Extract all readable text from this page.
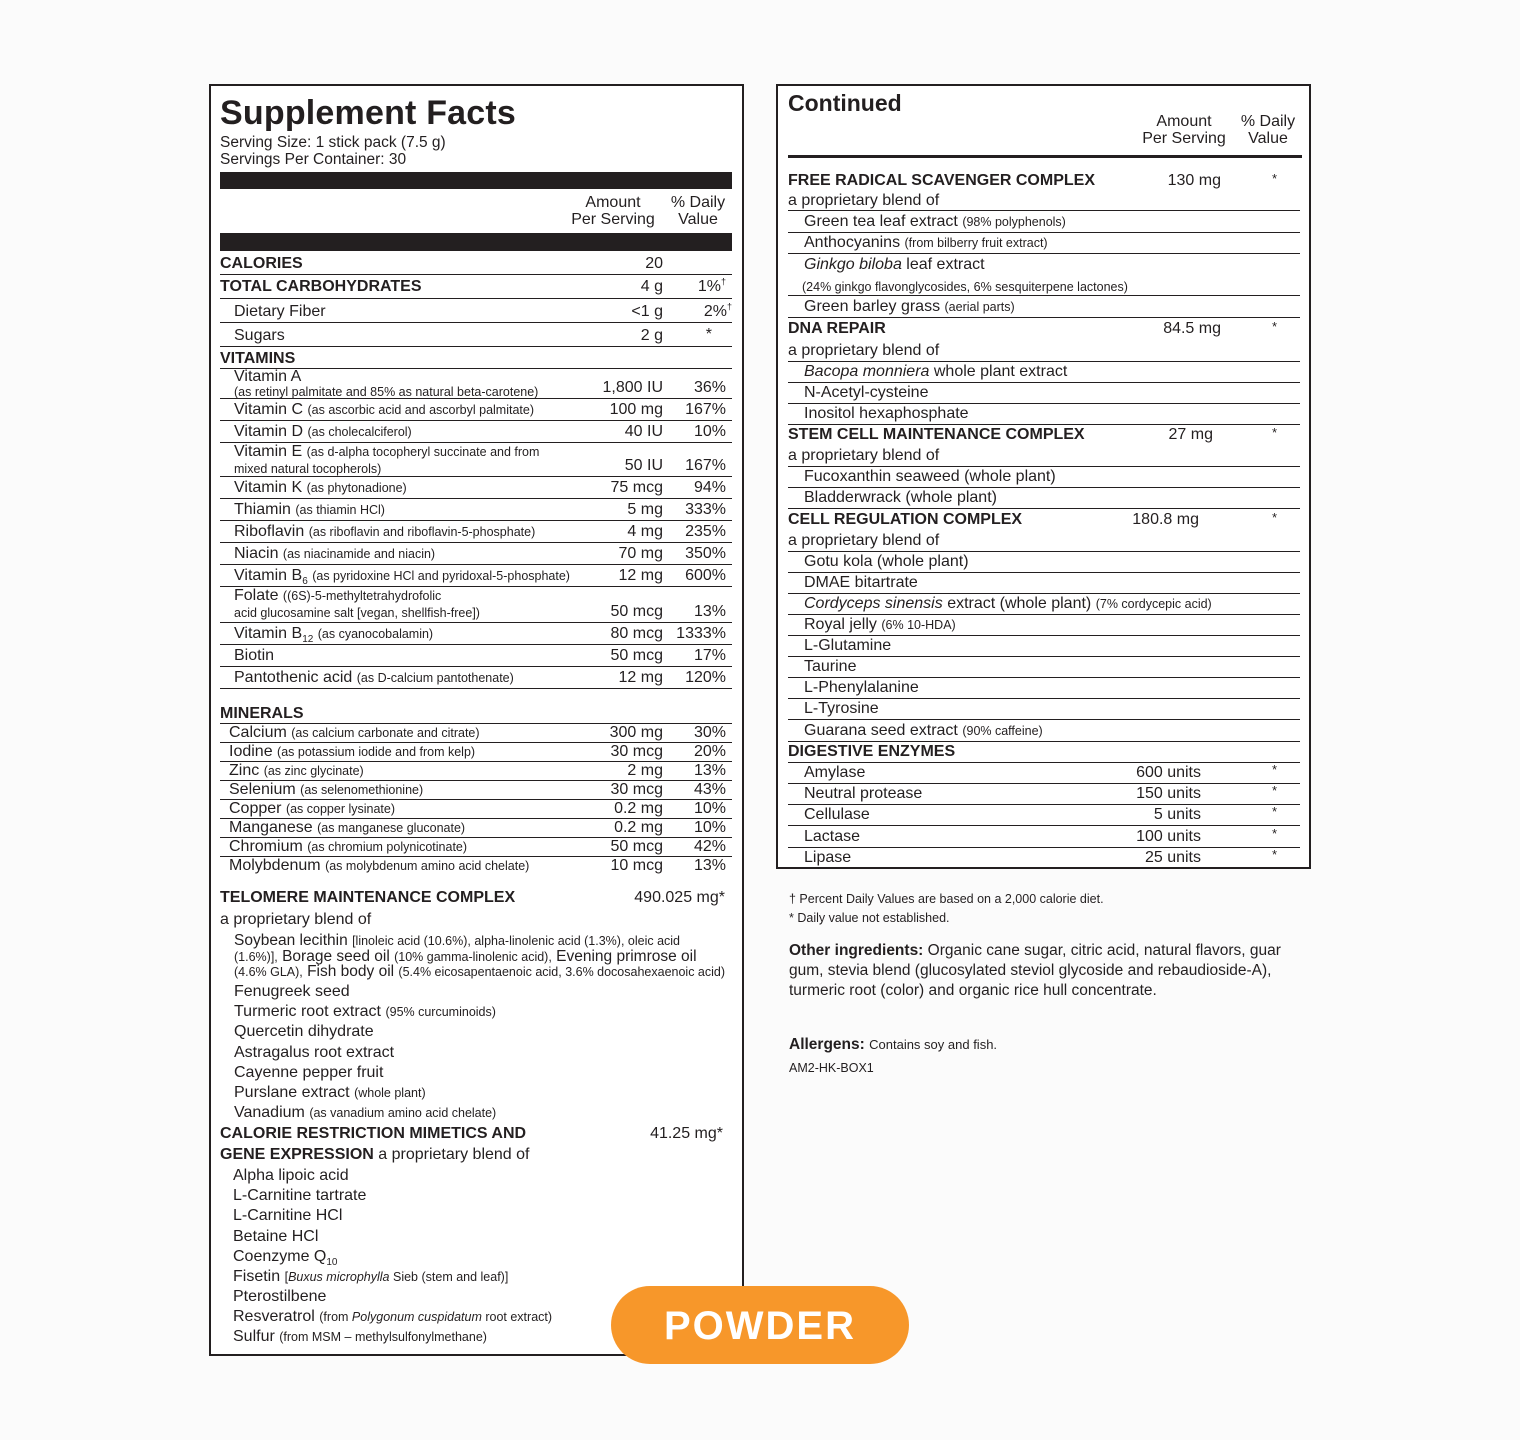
Supplement Facts
Serving Size: 1 stick pack (7.5 g)
Servings Per Container: 30
Amount
Per Serving
% Daily
Value
CALORIES	20
TOTAL CARBOHYDRATES	4 g 1%†
Dietary Fiber	<1 g	2%†
Sugars	2 g	*
VITAMINS
Vitamin A
(as retinyl palmitate and 85% as natural beta-carotene)	1,800 IU 36%
Vitamin C (as ascorbic acid and ascorbyl palmitate)	100 mg 167%
Vitamin D (as cholecalciferol)	40 IU 10%
Vitamin E (as d-alpha tocopheryl succinate and from
mixed natural tocopherols)	50 IU 167%
Vitamin K (as phytonadione)	75 mcg 94%
Thiamin (as thiamin HCl)	5 mg 333%
Riboflavin (as riboflavin and riboflavin-5-phosphate)	4 mg 235%
Niacin (as niacinamide and niacin)	70 mg 350%
Vitamin $B_6$ (as pyridoxine HCl and pyridoxal-5-phosphate)	12 mg 600%
Folate ((6S)-5-methyltetrahydrofolic
acid glucosamine salt [vegan, shellfish-free])	50 mcg 13%
Vitamin $B_{12}$ (as cyanocobalamin)	80 mcg 1333%
Biotin	50 mcg 17%
Pantothenic acid (as D-calcium pantothenate)	12 mg 120%
MINERALS
Calcium (as calcium carbonate and citrate)	300 mg 30%
Iodine (as potassium iodide and from kelp)	30 mcg 20%
Zinc (as zinc glycinate)	2 mg 13%
Selenium (as selenomethionine)	30 mcg 43%
Copper (as copper lysinate)	0.2 mg 10%
Manganese (as manganese gluconate)	0.2 mg 10%
Chromium (as chromium polynicotinate)	50 mcg 42%
Molybdenum (as molybdenum amino acid chelate)	10 mcg 13%
TELOMERE MAINTENANCE COMPLEX	490.025 mg*
a proprietary blend of
Soybean lecithin [linoleic acid (10.6%), alpha-linolenic acid (1.3%), oleic acid
(1.6%)], Borage seed oil (10% gamma-linolenic acid), Evening primrose oil
(4.6% GLA), Fish body oil (5.4% eicosapentaenoic acid, 3.6% docosahexaenoic acid)
Fenugreek seed
Turmeric root extract (95% curcuminoids)
Quercetin dihydrate
Astragalus root extract
Cayenne pepper fruit
Purslane extract (whole plant)
Vanadium (as vanadium amino acid chelate)
CALORIE RESTRICTION MIMETICS AND	41.25 mg*
GENE EXPRESSION a proprietary blend of
Alpha lipoic acid
L-Carnitine tartrate
L-Carnitine HCl
Betaine HCl
Coenzyme $Q_{10}$
Fisetin [Buxus microphylla Sieb (stem and leaf)]
Pterostilbene
Resveratrol (from Polygonum cuspidatum root extract)
Sulfur (from MSM – methylsulfonylmethane)
Continued
Amount
Per Serving
% Daily
Value
FREE RADICAL SCAVENGER COMPLEX	130 mg	*
a proprietary blend of
Green tea leaf extract (98% polyphenols)
Anthocyanins (from bilberry fruit extract)
Ginkgo biloba leaf extract
(24% ginkgo flavonglycosides, 6% sesquiterpene lactones)
Green barley grass (aerial parts)
DNA REPAIR	84.5 mg	*
a proprietary blend of
Bacopa monniera whole plant extract
N-Acetyl-cysteine
Inositol hexaphosphate
STEM CELL MAINTENANCE COMPLEX	27 mg	*
a proprietary blend of
Fucoxanthin seaweed (whole plant)
Bladderwrack (whole plant)
CELL REGULATION COMPLEX	180.8 mg	*
a proprietary blend of
Gotu kola (whole plant)
DMAE bitartrate
Cordyceps sinensis extract (whole plant) (7% cordycepic acid)
Royal jelly (6% 10-HDA)
L-Glutamine
Taurine
L-Phenylalanine
L-Tyrosine
Guarana seed extract (90% caffeine)
DIGESTIVE ENZYMES
Amylase	600 units	*
Neutral protease	150 units	*
Cellulase	5 units	*
Lactase	100 units	*
Lipase	25 units	*
† Percent Daily Values are based on a 2,000 calorie diet.
* Daily value not established.
Other ingredients: Organic cane sugar, citric acid, natural flavors, guar gum, stevia blend (glucosylated steviol glycoside and rebaudioside-A), turmeric root (color) and organic rice hull concentrate.
Allergens: Contains soy and fish.
AM2-HK-BOX1
POWDER
